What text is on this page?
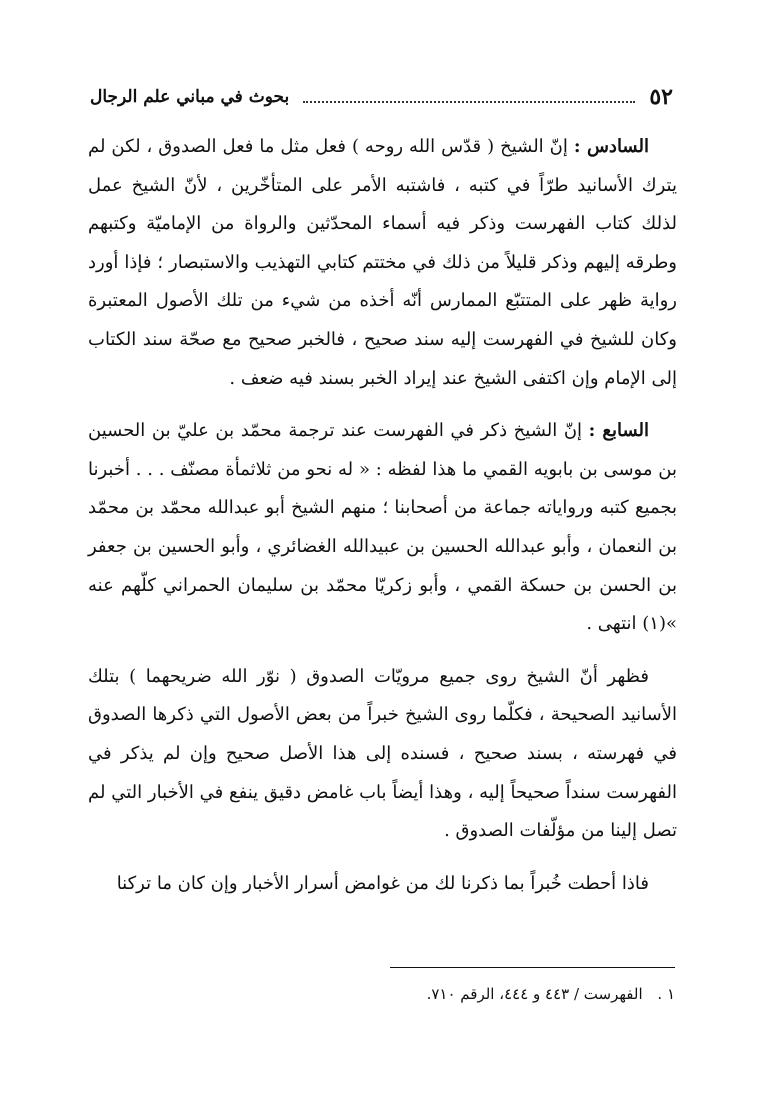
٥٢
بحوث في مباني علم الرجال

السادس : إنّ الشيخ ( قدّس الله روحه ) فعل مثل ما فعل الصدوق ، لكن لم يترك الأسانيد طرّاً في كتبه ، فاشتبه الأمر على المتأخّرين ، لأنّ الشيخ عمل لذلك كتاب الفهرست وذكر فيه أسماء المحدّثين والرواة من الإماميّة وكتبهم وطرقه إليهم وذكر قليلاً من ذلك في مختتم كتابي التهذيب والاستبصار ؛ فإذا أورد رواية ظهر على المتتبّع الممارس أنّه أخذه من شيء من تلك الأصول المعتبرة وكان للشيخ في الفهرست إليه سند صحيح ، فالخبر صحيح مع صحّة سند الكتاب إلى الإمام وإن اكتفى الشيخ عند إيراد الخبر بسند فيه ضعف .

السابع : إنّ الشيخ ذكر في الفهرست عند ترجمة محمّد بن عليّ بن الحسين بن موسى بن بابويه القمي ما هذا لفظه : « له نحو من ثلاثمأة مصنّف . . . أخبرنا بجميع كتبه ورواياته جماعة من أصحابنا ؛ منهم الشيخ أبو عبدالله محمّد بن محمّد بن النعمان ، وأبو عبدالله الحسين بن عبيدالله الغضائري ، وأبو الحسين بن جعفر بن الحسن بن حسكة القمي ، وأبو زكريّا محمّد بن سليمان الحمراني كلّهم عنه »(١) انتهى .

فظهر أنّ الشيخ روى جميع مرويّات الصدوق ( نوّر الله ضريحهما ) بتلك الأسانيد الصحيحة ، فكلّما روى الشيخ خبراً من بعض الأصول التي ذكرها الصدوق في فهرسته ، بسند صحيح ، فسنده إلى هذا الأصل صحيح وإن لم يذكر في الفهرست سنداً صحيحاً إليه ، وهذا أيضاً باب غامض دقيق ينفع في الأخبار التي لم تصل إلينا من مؤلّفات الصدوق .

فاذا أحطت خُبراً بما ذكرنا لك من غوامض أسرار الأخبار وإن كان ما تركنا

١ . الفهرست / ٤٤٣ و ٤٤٤، الرقم ٧١٠.
